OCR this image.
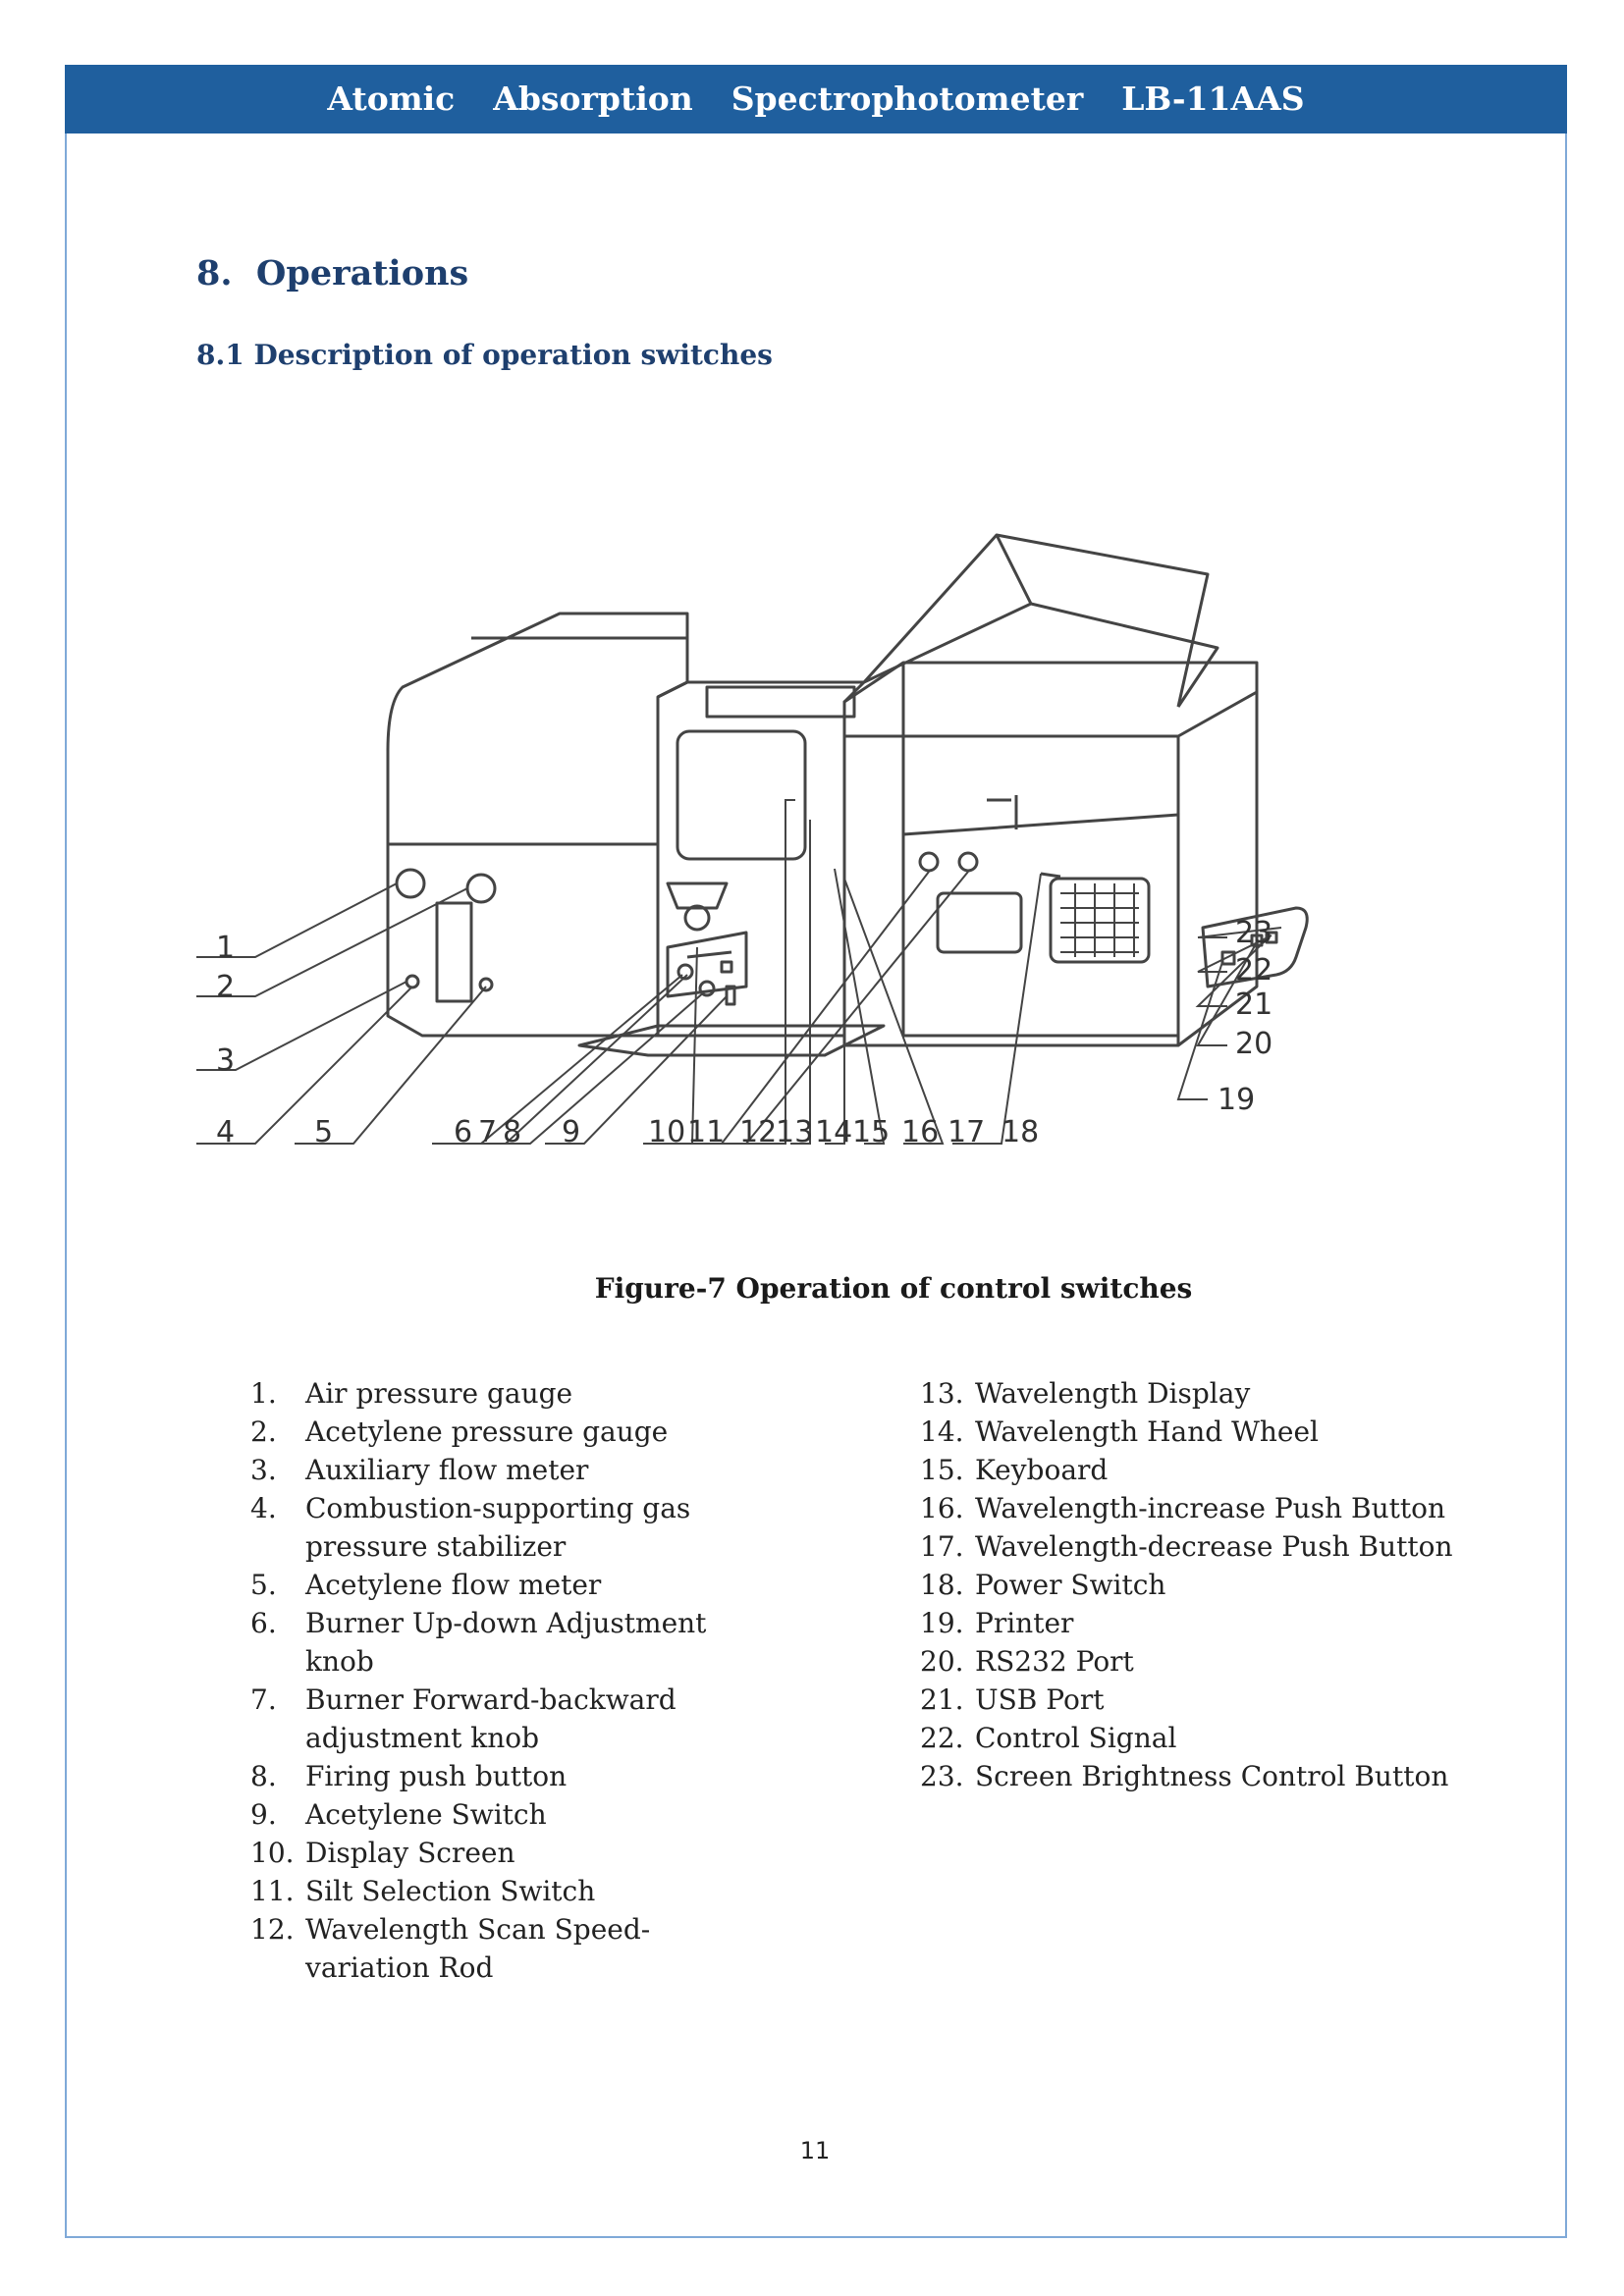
Atomic  Absorption  Spectrophotometer  LB-11AAS
8.  Operations
8.1 Description of operation switches
1
2
3
4	5	6 7 8 9 10 11 12
13 14 15 16 17 18
19
20
21
22
23
Figure-7 Operation of control switches
1.	Air pressure gauge
2.	Acetylene pressure gauge
3.	Auxiliary flow meter
4.	Combustion-supporting gas pressure stabilizer
5.	Acetylene flow meter
6.	Burner Up-down Adjustment knob
7.	Burner Forward-backward adjustment knob
8.	Firing push button
9.	Acetylene Switch
10. Display Screen
11. Silt Selection Switch
12. Wavelength Scan Speed-variation Rod
13. Wavelength Display
14. Wavelength Hand Wheel
15. Keyboard
16. Wavelength-increase Push Button
17. Wavelength-decrease Push Button
18. Power Switch
19. Printer
20. RS232 Port
21. USB Port
22. Control Signal
23. Screen Brightness Control Button
11
